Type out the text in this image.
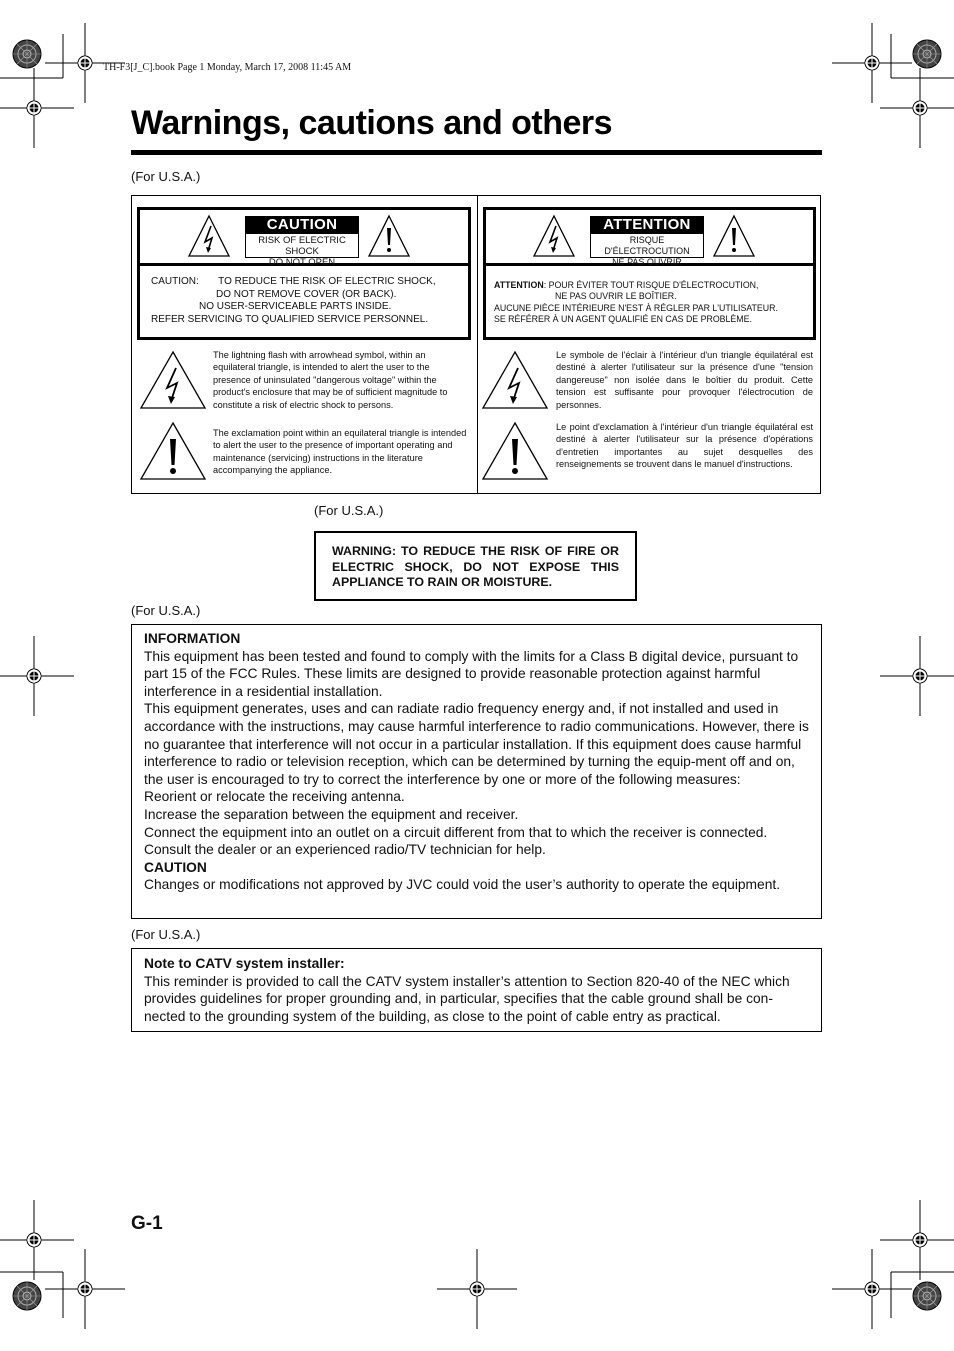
TH-F3[J_C].book Page 1 Monday, March 17, 2008 11:45 AM
Warnings, cautions and others
(For U.S.A.)
CAUTION
RISK OF ELECTRIC SHOCK
DO NOT OPEN
CAUTION: TO REDUCE THE RISK OF ELECTRIC SHOCK,
DO NOT REMOVE COVER (OR BACK).
NO USER-SERVICEABLE PARTS INSIDE.
REFER SERVICING TO QUALIFIED SERVICE PERSONNEL.
The lightning flash with arrowhead symbol, within an equilateral triangle, is intended to alert the user to the presence of uninsulated "dangerous voltage" within the product's enclosure that may be of sufficient magnitude to constitute a risk of electric shock to persons.
The exclamation point within an equilateral triangle is intended to alert the user to the presence of important operating and maintenance (servicing) instructions in the literature accompanying the appliance.
ATTENTION
RISQUE D'ÉLECTROCUTION
NE PAS OUVRIR
ATTENTION: POUR ÉVITER TOUT RISQUE D'ÉLECTROCUTION,
NE PAS OUVRIR LE BOÎTIER.
AUCUNE PIÈCE INTÉRIEURE N'EST À RÉGLER PAR L'UTILISATEUR.
SE RÉFÉRER À UN AGENT QUALIFIÉ EN CAS DE PROBLÈME.
Le symbole de l'éclair à l'intérieur d'un triangle équilatéral est destiné à alerter l'utilisateur sur la présence d'une "tension dangereuse" non isolée dans le boîtier du produit. Cette tension est suffisante pour provoquer l'électrocution de personnes.
Le point d'exclamation à l'intérieur d'un triangle équilatéral est destiné à alerter l'utilisateur sur la présence d'opérations d'entretien importantes au sujet desquelles des renseignements se trouvent dans le manuel d'instructions.
(For U.S.A.)
WARNING: TO REDUCE THE RISK OF FIRE OR ELECTRIC SHOCK, DO NOT EXPOSE THIS APPLIANCE TO RAIN OR MOISTURE.
(For U.S.A.)

INFORMATION

This equipment has been tested and found to comply with the limits for a Class B digital device, pursuant to part 15 of the FCC Rules. These limits are designed to provide reasonable protection against harmful interference in a residential installation.

This equipment generates, uses and can radiate radio frequency energy and, if not installed and used in accordance with the instructions, may cause harmful interference to radio communications. However, there is no guarantee that interference will not occur in a particular installation. If this equipment does cause harmful interference to radio or television reception, which can be determined by turning the equip-ment off and on, the user is encouraged to try to correct the interference by one or more of the following measures:

Reorient or relocate the receiving antenna.

Increase the separation between the equipment and receiver.

Connect the equipment into an outlet on a circuit different from that to which the receiver is connected.

Consult the dealer or an experienced radio/TV technician for help.

CAUTION

Changes or modifications not approved by JVC could void the user’s authority to operate the equipment.

(For U.S.A.)

Note to CATV system installer:

This reminder is provided to call the CATV system installer’s attention to Section 820-40 of the NEC which provides guidelines for proper grounding and, in particular, specifies that the cable ground shall be con-nected to the grounding system of the building, as close to the point of cable entry as practical.

G-1
